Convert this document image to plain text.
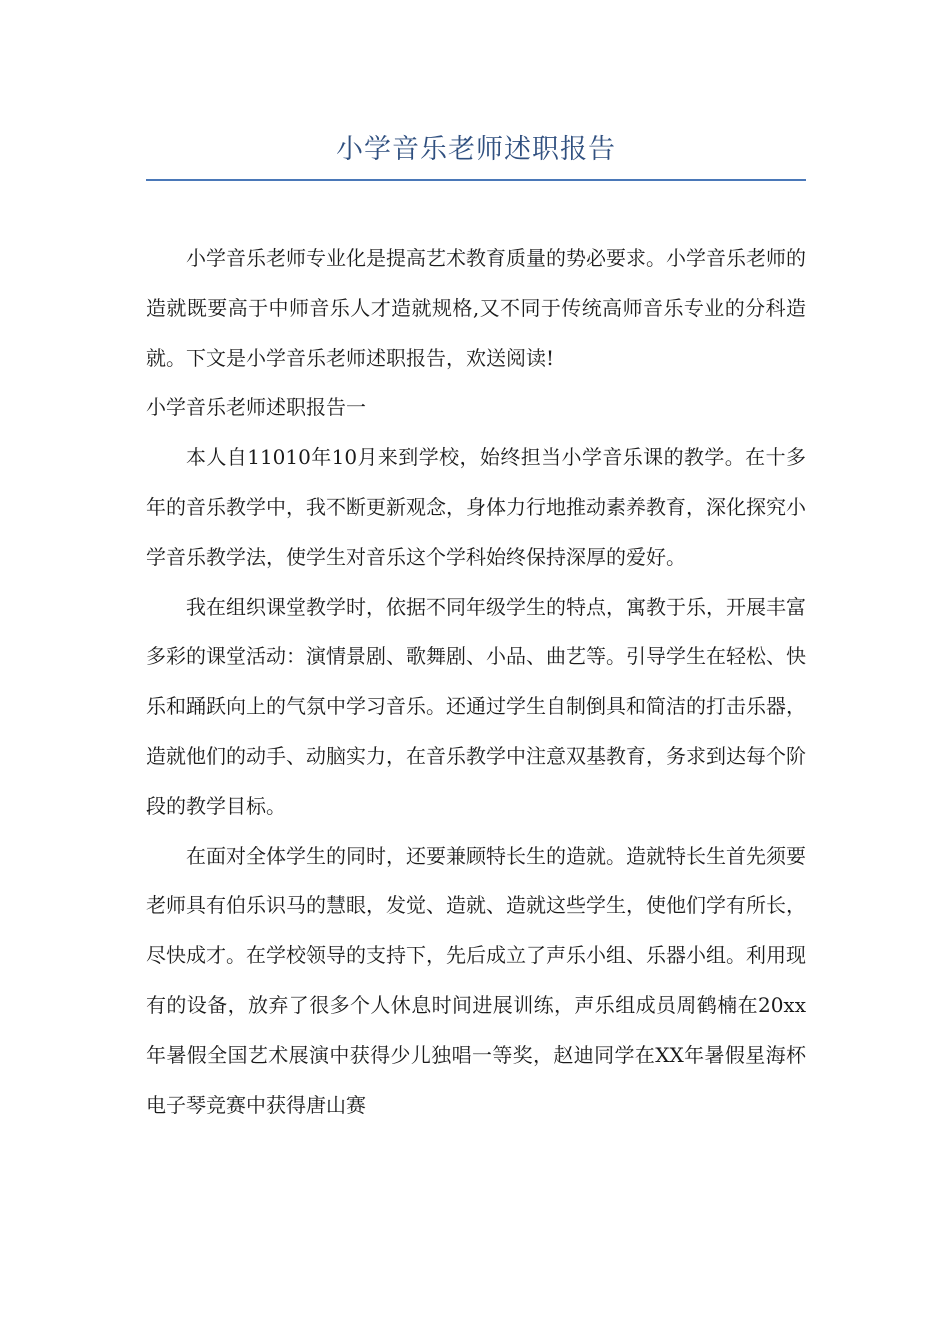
小学音乐老师述职报告

小学音乐老师专业化是提高艺术教育质量的势必要求。小学音乐老师的造就既要高于中师音乐人才造就规格,又不同于传统高师音乐专业的分科造就。下文是小学音乐老师述职报告，欢送阅读!

小学音乐老师述职报告一

本人自11010年10月来到学校，始终担当小学音乐课的教学。在十多年的音乐教学中，我不断更新观念，身体力行地推动素养教育，深化探究小学音乐教学法，使学生对音乐这个学科始终保持深厚的爱好。

我在组织课堂教学时，依据不同年级学生的特点，寓教于乐，开展丰富多彩的课堂活动：演情景剧、歌舞剧、小品、曲艺等。引导学生在轻松、快乐和踊跃向上的气氛中学习音乐。还通过学生自制倒具和简洁的打击乐器，造就他们的动手、动脑实力，在音乐教学中注意双基教育，务求到达每个阶段的教学目标。

在面对全体学生的同时，还要兼顾特长生的造就。造就特长生首先须要老师具有伯乐识马的慧眼，发觉、造就、造就这些学生，使他们学有所长，尽快成才。在学校领导的支持下，先后成立了声乐小组、乐器小组。利用现有的设备，放弃了很多个人休息时间进展训练，声乐组成员周鹤楠在20xx年暑假全国艺术展演中获得少儿独唱一等奖，赵迪同学在XX年暑假星海杯电子琴竞赛中获得唐山赛
